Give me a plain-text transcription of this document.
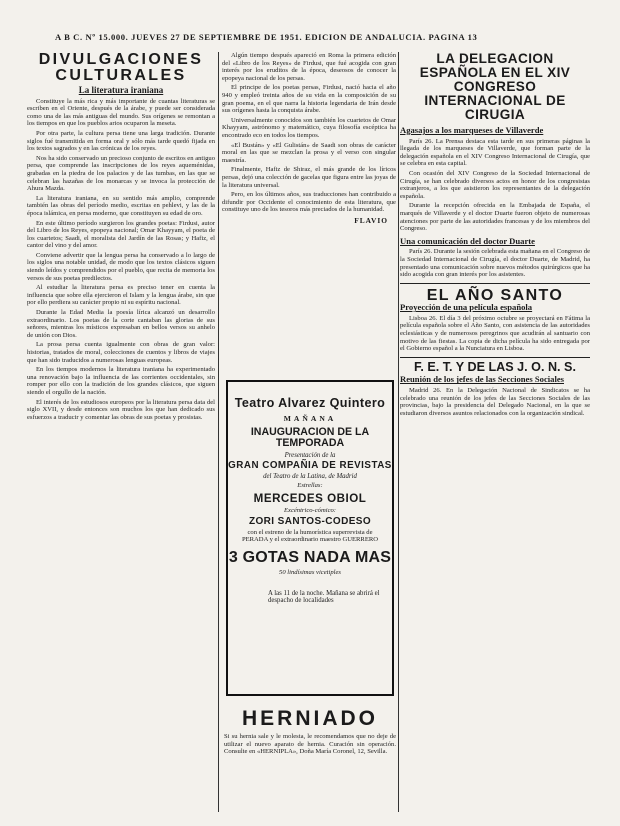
A B C. Nº 15.000. JUEVES 27 DE SEPTIEMBRE DE 1951. EDICION DE ANDALUCIA. PAGINA 13
DIVULGACIONES CULTURALES
La literatura iraniana

Constituye la más rica y más importante de cuantas literaturas se escriben en el Oriente, después de la árabe, y puede ser considerada como una de las más antiguas del mundo. Sus orígenes se remontan a los tiempos en que los pueblos arios ocuparon la meseta.

Por otra parte, la cultura persa tiene una larga tradición. Durante siglos fué transmitida en forma oral y sólo más tarde quedó fijada en los textos sagrados y en las crónicas de los reyes.

Nos ha sido conservado un precioso conjunto de escritos en antiguo persa, que comprende las inscripciones de los reyes aqueménidas, grabadas en la piedra de los palacios y de las tumbas, en las que se celebran las hazañas de los monarcas y se invoca la protección de Ahura Mazda.

La literatura iraniana, en su sentido más amplio, comprende también las obras del período medio, escritas en pehlevi, y las de la época islámica, en persa moderno, que constituyen su edad de oro.

En este último período surgieron los grandes poetas: Firdusi, autor del Libro de los Reyes, epopeya nacional; Omar Khayyam, el poeta de los cuartetos; Saadi, el moralista del Jardín de las Rosas; y Hafiz, el cantor del vino y del amor.

Conviene advertir que la lengua persa ha conservado a lo largo de los siglos una notable unidad, de modo que los textos clásicos siguen siendo leídos y comprendidos por el pueblo, que recita de memoria los versos de sus poetas predilectos.

Al estudiar la literatura persa es preciso tener en cuenta la influencia que sobre ella ejercieron el Islam y la lengua árabe, sin que por ello perdiera su carácter propio ni su espíritu nacional.

Durante la Edad Media la poesía lírica alcanzó un desarrollo extraordinario. Los poetas de la corte cantaban las glorias de sus señores, mientras los místicos expresaban en bellos versos su anhelo de unión con Dios.

La prosa persa cuenta igualmente con obras de gran valor: historias, tratados de moral, colecciones de cuentos y libros de viajes que han sido traducidos a numerosas lenguas europeas.

En los tiempos modernos la literatura iraniana ha experimentado una renovación bajo la influencia de las corrientes occidentales, sin romper por ello con la tradición de los grandes clásicos, que siguen siendo el orgullo de la nación.

El interés de los estudiosos europeos por la literatura persa data del siglo XVII, y desde entonces son muchos los que han dedicado sus esfuerzos a traducir y comentar las obras de sus poetas y prosistas.

Algún tiempo después apareció en Roma la primera edición del «Libro de los Reyes» de Firdusi, que fué acogida con gran interés por los eruditos de la época, deseosos de conocer la epopeya nacional de los persas.

El principe de los poetas persas, Firdusi, nació hacia el año 940 y empleó treinta años de su vida en la composición de su gran poema, en el que narra la historia legendaria de Irán desde sus orígenes hasta la conquista árabe.

Universalmente conocidos son también los cuartetos de Omar Khayyam, astrónomo y matemático, cuya filosofía escéptica ha encontrado eco en todos los tiempos.

«El Bustán» y «El Gulistán» de Saadi son obras de carácter moral en las que se mezclan la prosa y el verso con singular maestría.

Finalmente, Hafiz de Shiraz, el más grande de los líricos persas, dejó una colección de gacelas que figura entre las joyas de la literatura universal.

Pero, en los últimos años, sus traducciones han contribuido a difundir por Occidente el conocimiento de esta literatura, que constituye uno de los tesoros más preciados de la humanidad.

FLAVIO
Teatro Alvarez Quintero
MAÑANA
INAUGURACION DE LA TEMPORADA
Presentación de la
GRAN COMPAÑIA DE REVISTAS
del Teatro de la Latina, de Madrid
Estrellas:
MERCEDES OBIOL
Excéntrico-cómico:
ZORI SANTOS-CODESO
con el estreno de la humorística superrevista de PERADA y el extraordinario maestro GUERRERO
3 GOTAS NADA MAS
50 lindísimas vicetiples
A las 11 de la noche. Mañana se abrirá el despacho de localidades
HERNIADO
Si su hernia sale y le molesta, le recomendamos que no deje de utilizar el nuevo aparato de hernia. Curación sin operación. Consulte en «HERNIPLA», Doña María Coronel, 12, Sevilla.
LA DELEGACION ESPAÑOLA EN EL XIV CONGRESO INTERNACIONAL DE CIRUGIA
Agasajos a los marqueses de Villaverde

París 26. La Prensa destaca esta tarde en sus primeras páginas la llegada de los marqueses de Villaverde, que forman parte de la delegación española en el XIV Congreso Internacional de Cirugía, que se celebra en esta capital.

Con ocasión del XIV Congreso de la Sociedad Internacional de Cirugía, se han celebrado diversos actos en honor de los congresistas extranjeros, a los que asistieron los representantes de la delegación española.

Durante la recepción ofrecida en la Embajada de España, el marqués de Villaverde y el doctor Duarte fueron objeto de numerosas atenciones por parte de las autoridades francesas y de los miembros del Congreso.

Una comunicación del doctor Duarte

París 26. Durante la sesión celebrada esta mañana en el Congreso de la Sociedad Internacional de Cirugía, el doctor Duarte, de Madrid, ha presentado una comunicación sobre nuevos métodos quirúrgicos que ha sido acogida con gran interés por los asistentes.

EL AÑO SANTO
Proyección de una película española

Lisboa 26. El día 3 del próximo octubre se proyectará en Fátima la película española sobre el Año Santo, con asistencia de las autoridades eclesiásticas y de numerosos peregrinos que acudirán al santuario con motivo de las fiestas. La copia de dicha película ha sido entregada por el Gobierno español a la Nunciatura en Lisboa.

F. E. T. Y DE LAS J. O. N. S.
Reunión de los jefes de las Secciones Sociales

Madrid 26. En la Delegación Nacional de Sindicatos se ha celebrado una reunión de los jefes de las Secciones Sociales de las provincias, bajo la presidencia del Delegado Nacional, en la que se estudiaron diversos asuntos relacionados con la organización sindical.
